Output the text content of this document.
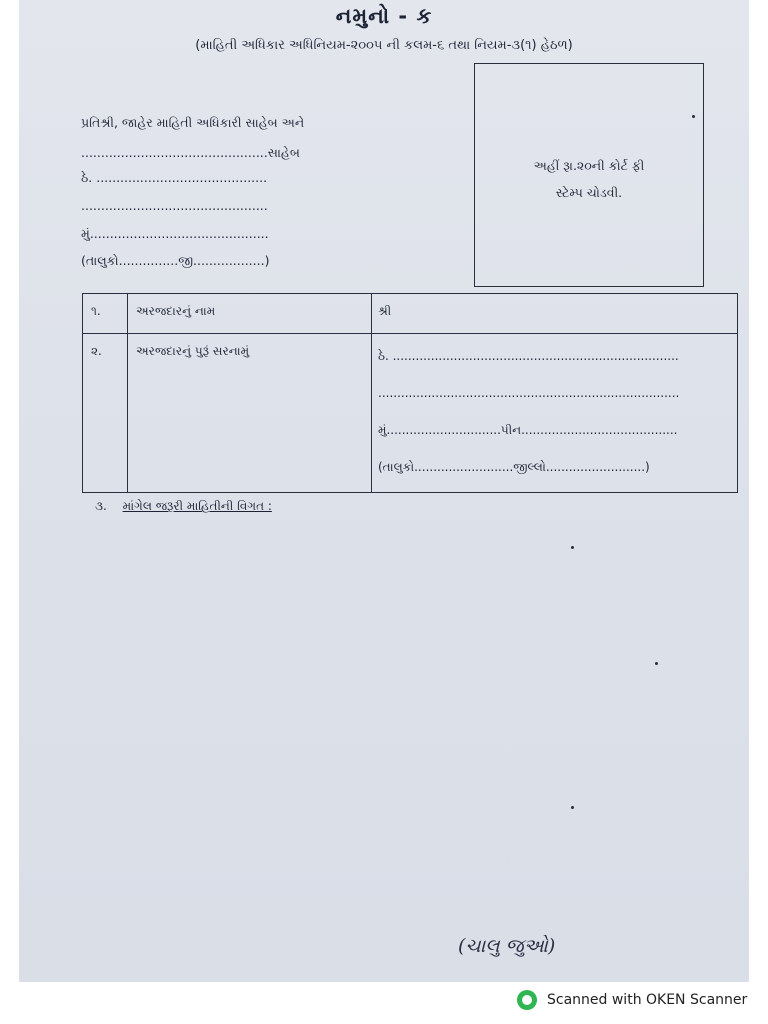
નમુનો - ક
(માહિતી અધિકાર અધિનિયમ-૨૦૦૫ ની કલમ-૬ તથા નિયમ-૩(૧) હેઠળ)
પ્રતિશ્રી, જાહેર માહિતી અધિકારી સાહેબ અને
...............................................સાહેબ
ઠે. ...........................................
...............................................
મું.............................................
(તાલુકો...............જી..................)
અહીં રૂા.૨૦ની કોર્ટ ફી
સ્ટેમ્પ ચોડવી.
૧.	અરજદારનું નામ	શ્રી
૨.	અરજદારનું પુરૂં સરનામું	ઠે. ...........................................................................
...............................................................................
મું..............................પીન.........................................
(તાલુકો..........................જીલ્લો..........................)
૩. માંગેલ જરૂરી માહિતીની વિગત :
(ચાલુ જુઓ)
Scanned with OKEN Scanner
